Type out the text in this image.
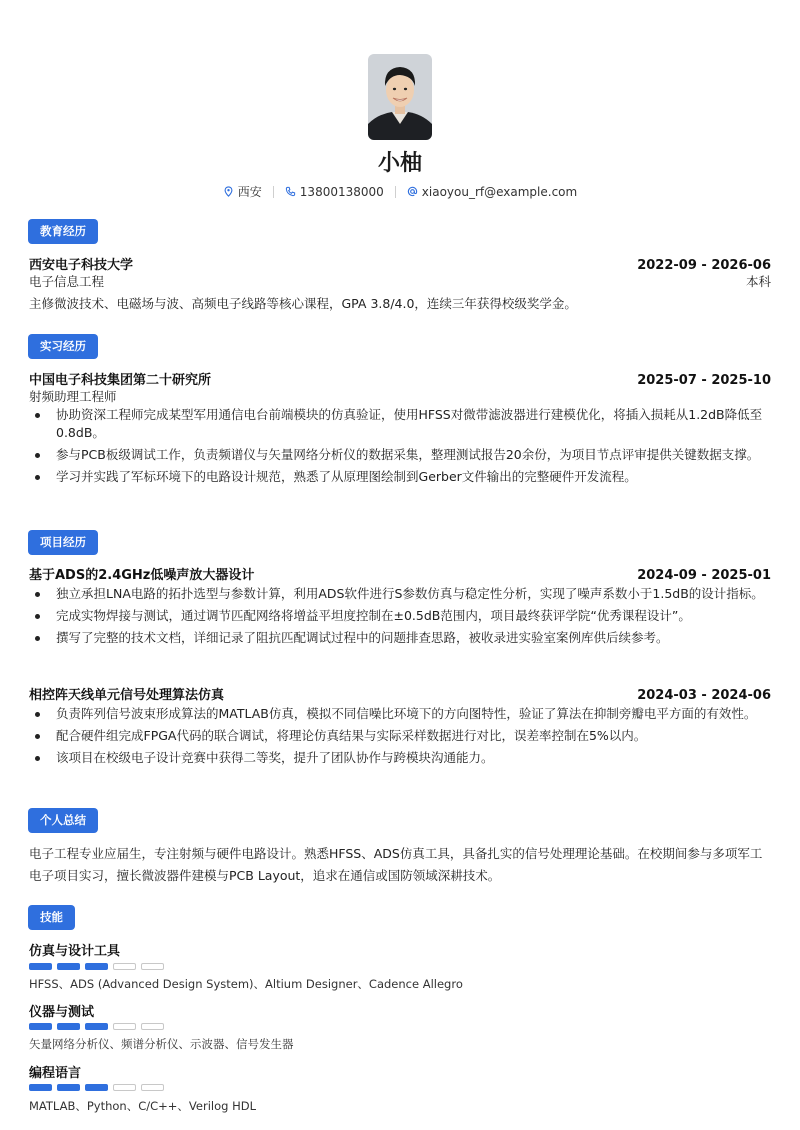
小柚
西安	13800138000	xiaoyou_rf@example.com
教育经历
西安电子科技大学	2022-09 - 2026-06
电子信息工程	本科
主修微波技术、电磁场与波、高频电子线路等核心课程，GPA 3.8/4.0，连续三年获得校级奖学金。
实习经历
中国电子科技集团第二十研究所	2025-07 - 2025-10
射频助理工程师
协助资深工程师完成某型军用通信电台前端模块的仿真验证，使用HFSS对微带滤波器进行建模优化，将插入损耗从1.2dB降低至0.8dB。
参与PCB板级调试工作，负责频谱仪与矢量网络分析仪的数据采集，整理测试报告20余份，为项目节点评审提供关键数据支撑。
学习并实践了军标环境下的电路设计规范，熟悉了从原理图绘制到Gerber文件输出的完整硬件开发流程。
项目经历
基于ADS的2.4GHz低噪声放大器设计	2024-09 - 2025-01
独立承担LNA电路的拓扑选型与参数计算，利用ADS软件进行S参数仿真与稳定性分析，实现了噪声系数小于1.5dB的设计指标。
完成实物焊接与测试，通过调节匹配网络将增益平坦度控制在±0.5dB范围内，项目最终获评学院“优秀课程设计”。
撰写了完整的技术文档，详细记录了阻抗匹配调试过程中的问题排查思路，被收录进实验室案例库供后续参考。
相控阵天线单元信号处理算法仿真	2024-03 - 2024-06
负责阵列信号波束形成算法的MATLAB仿真，模拟不同信噪比环境下的方向图特性，验证了算法在抑制旁瓣电平方面的有效性。
配合硬件组完成FPGA代码的联合调试，将理论仿真结果与实际采样数据进行对比，误差率控制在5%以内。
该项目在校级电子设计竞赛中获得二等奖，提升了团队协作与跨模块沟通能力。
个人总结
电子工程专业应届生，专注射频与硬件电路设计。熟悉HFSS、ADS仿真工具，具备扎实的信号处理理论基础。在校期间参与多项军工电子项目实习，擅长微波器件建模与PCB Layout，追求在通信或国防领域深耕技术。
技能
仿真与设计工具
HFSS、ADS (Advanced Design System)、Altium Designer、Cadence Allegro
仪器与测试
矢量网络分析仪、频谱分析仪、示波器、信号发生器
编程语言
MATLAB、Python、C/C++、Verilog HDL
